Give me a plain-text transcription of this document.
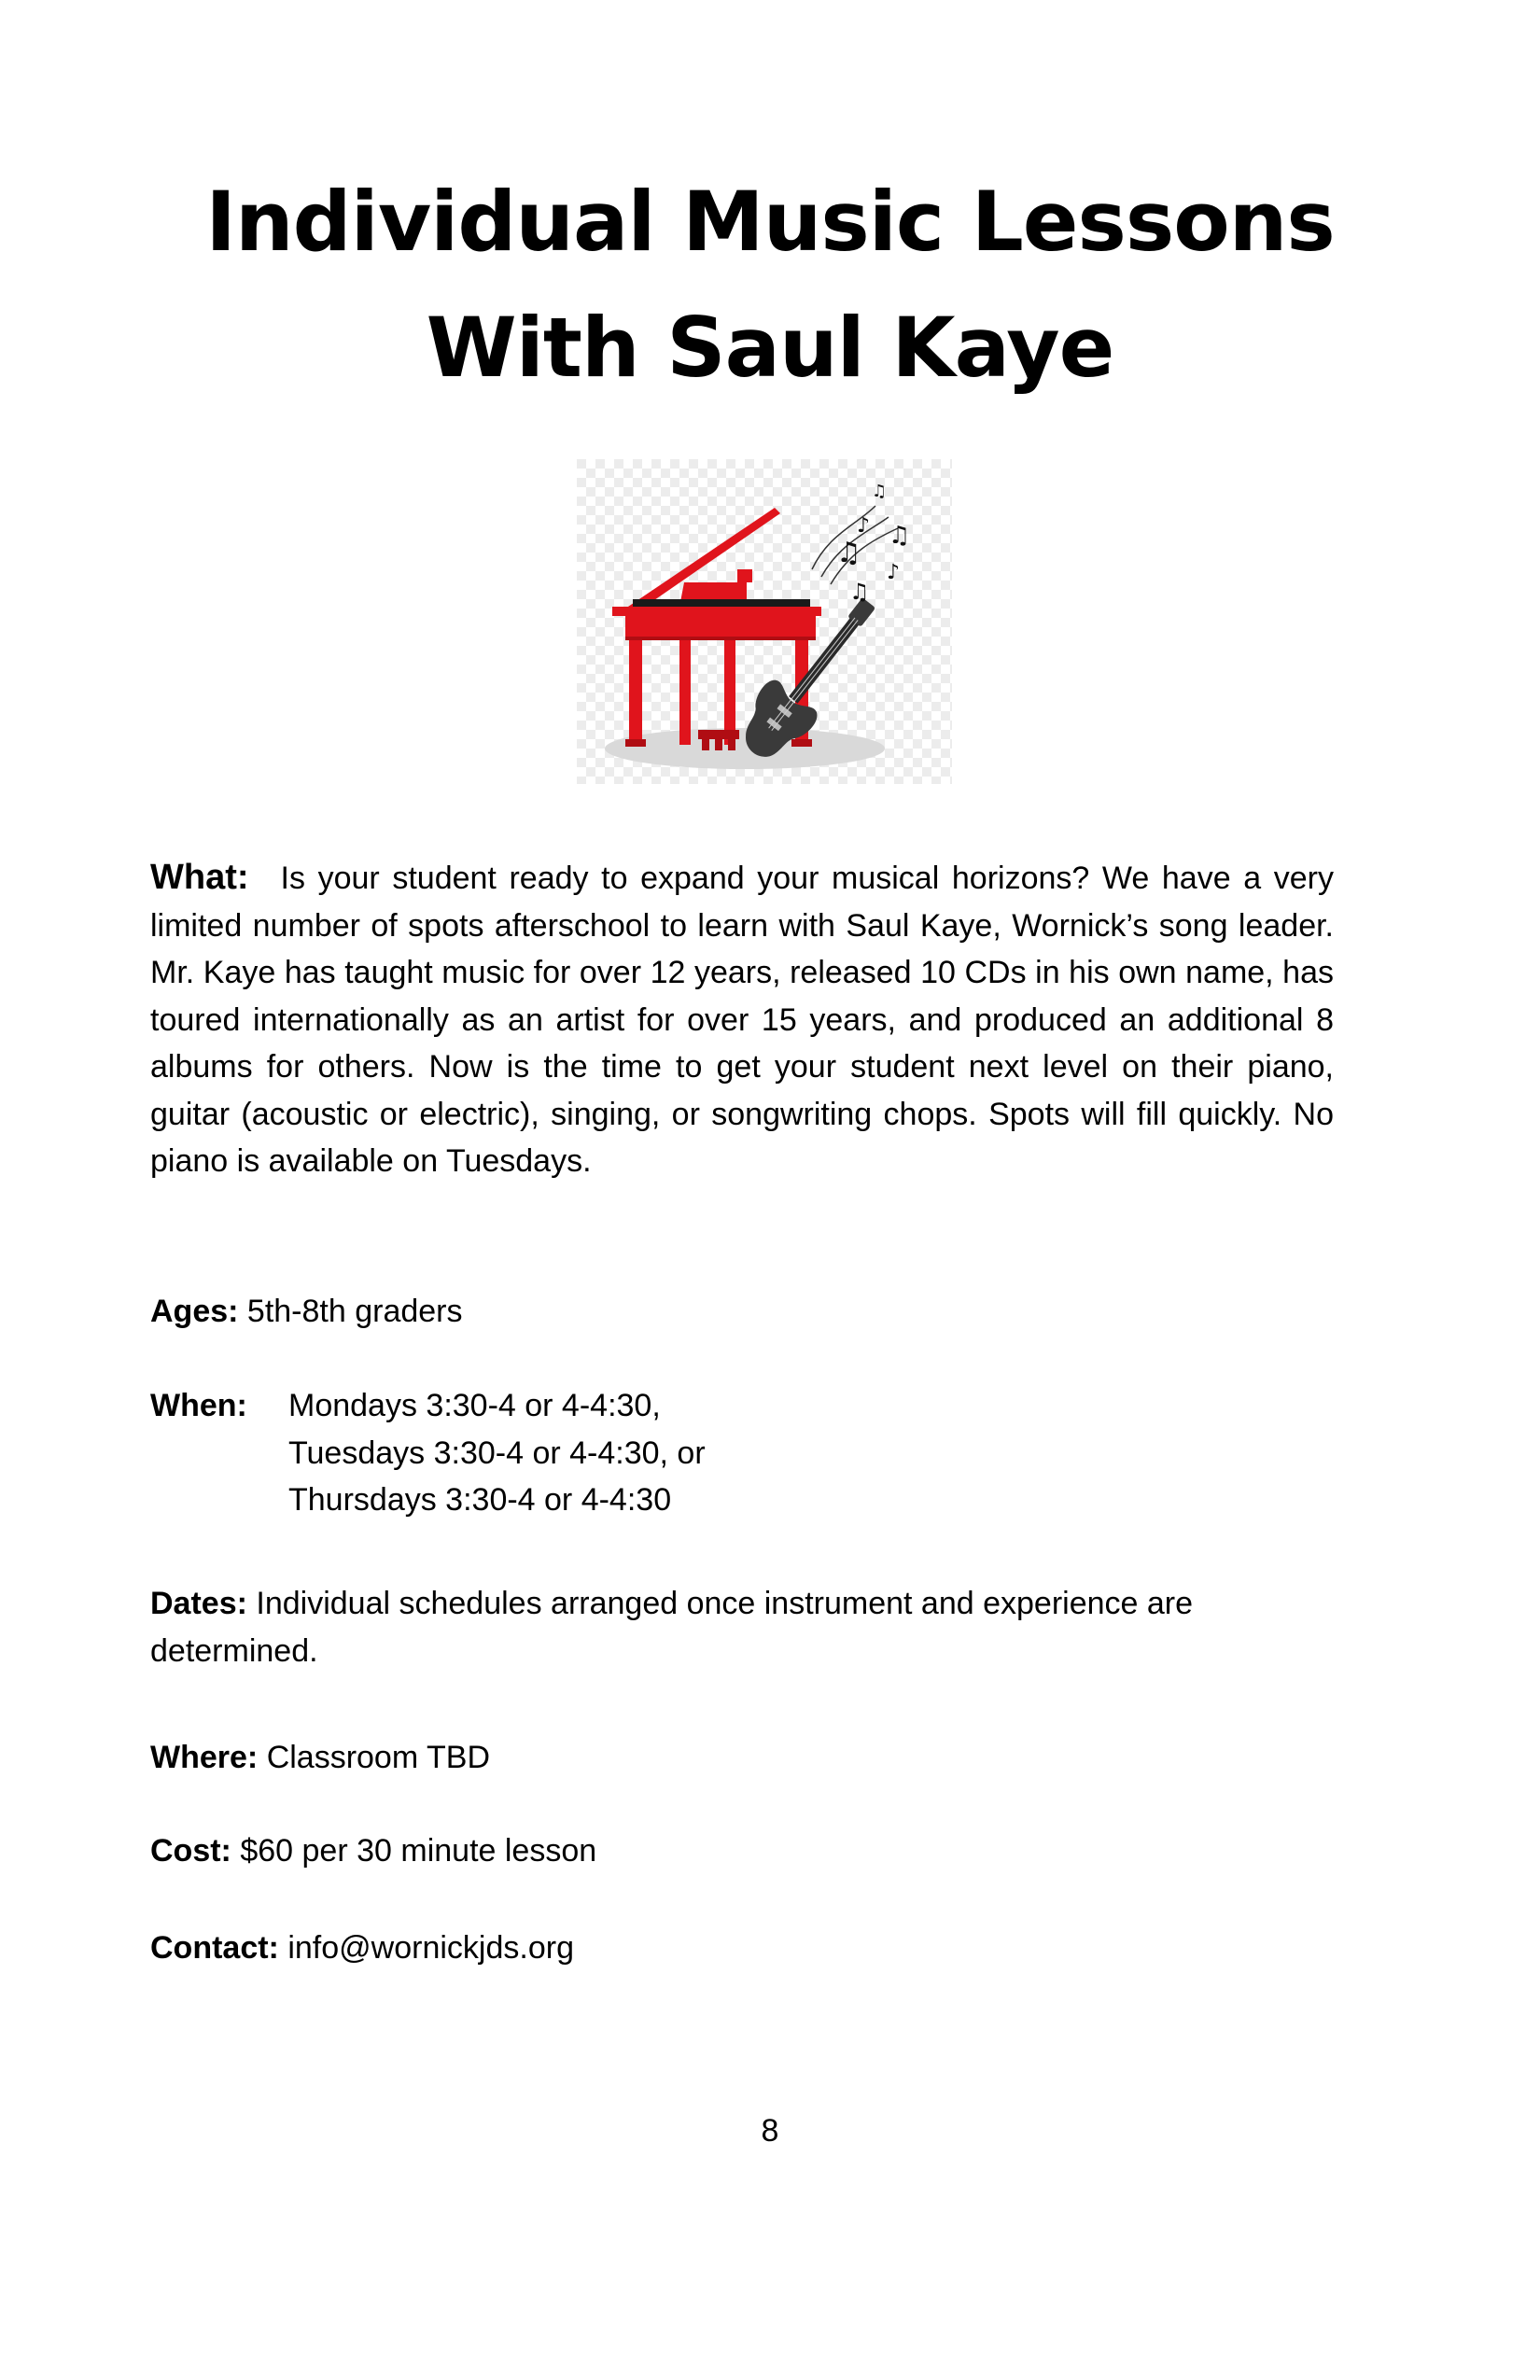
Individual Music Lessons
With Saul Kaye
♫
♪ ♫
♪
♫
♫
What: Is your student ready to expand your musical horizons? We have a very limited number of spots afterschool to learn with Saul Kaye, Wornick’s song leader. Mr. Kaye has taught music for over 12 years, released 10 CDs in his own name, has toured internationally as an artist for over 15 years, and produced an additional 8 albums for others. Now is the time to get your student next level on their piano, guitar (acoustic or electric), singing, or songwriting chops. Spots will fill quickly. No piano is available on Tuesdays.
Ages: 5th-8th graders
When:	Mondays 3:30-4 or 4-4:30,
Tuesdays 3:30-4 or 4-4:30, or
Thursdays 3:30-4 or 4-4:30
Dates: Individual schedules arranged once instrument and experience are determined.
Where: Classroom TBD
Cost: $60 per 30 minute lesson
Contact: info@wornickjds.org
8
